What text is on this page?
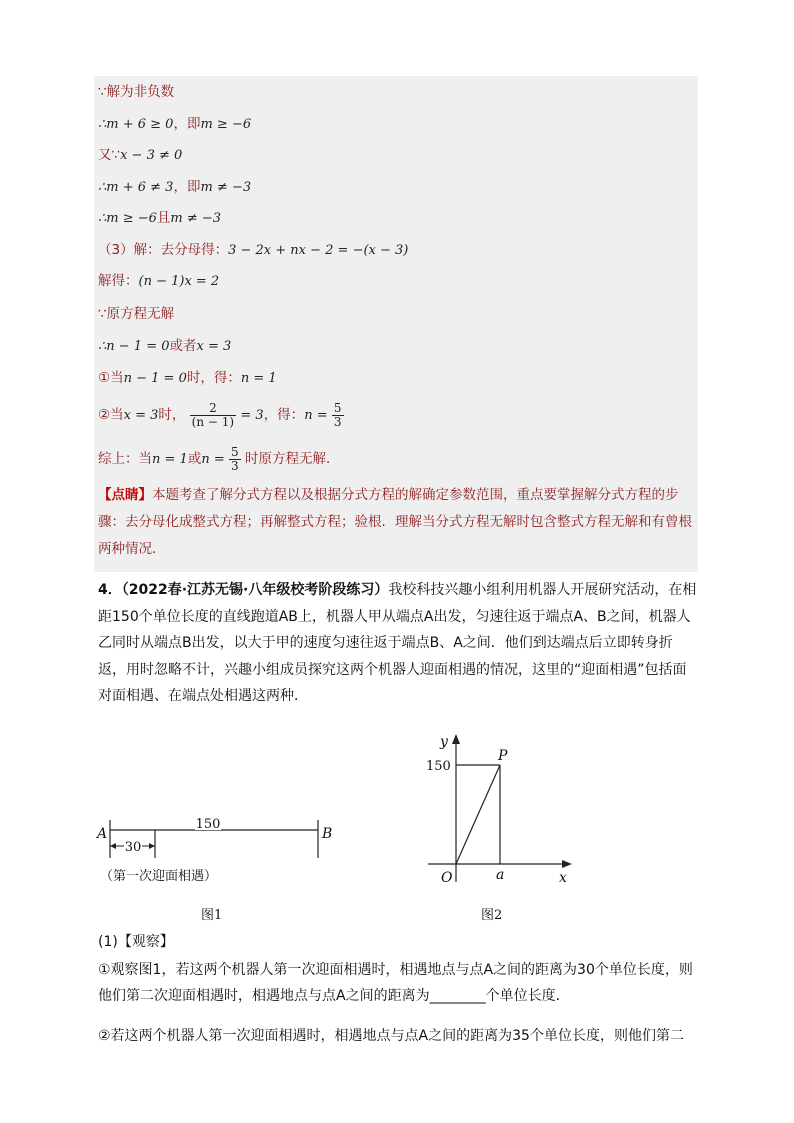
∵解为非负数
∴m + 6 ≥ 0，即m ≥ −6
又∵x − 3 ≠ 0
∴m + 6 ≠ 3，即m ≠ −3
∴m ≥ −6且m ≠ −3
（3）解：去分母得：3 − 2x + nx − 2 = −(x − 3)
解得：(n − 1)x = 2
∵原方程无解
∴n − 1 = 0或者x = 3
①当n − 1 = 0时，得：n = 1
②当x = 3时， $\frac{2}{(n - 1)} = 3$，得：$n = \frac{5}{3}$
综上：当n = 1或$n = \frac{5}{3}$ 时原方程无解．
【点睛】本题考查了解分式方程以及根据分式方程的解确定参数范围，重点要掌握解分式方程的步骤：去分母化成整式方程；再解整式方程；验根．理解当分式方程无解时包含整式方程无解和有曾根两种情况．
4．（2022春·江苏无锡·八年级校考阶段练习）我校科技兴趣小组利用机器人开展研究活动，在相距150个单位长度的直线跑道AB上，机器人甲从端点A出发，匀速往返于端点A、B之间，机器人乙同时从端点B出发，以大于甲的速度匀速往返于端点B、A之间．他们到达端点后立即转身折返，用时忽略不计，兴趣小组成员探究这两个机器人迎面相遇的情况，这里的“迎面相遇”包括面对面相遇、在端点处相遇这两种．
30
150
A	B
（第一次迎面相遇）
图1
y
x
O	a
150
P
图2
(1)【观察】
①观察图1，若这两个机器人第一次迎面相遇时，相遇地点与点A之间的距离为30个单位长度，则他们第二次迎面相遇时，相遇地点与点A之间的距离为________个单位长度．
②若这两个机器人第一次迎面相遇时，相遇地点与点A之间的距离为35个单位长度，则他们第二
